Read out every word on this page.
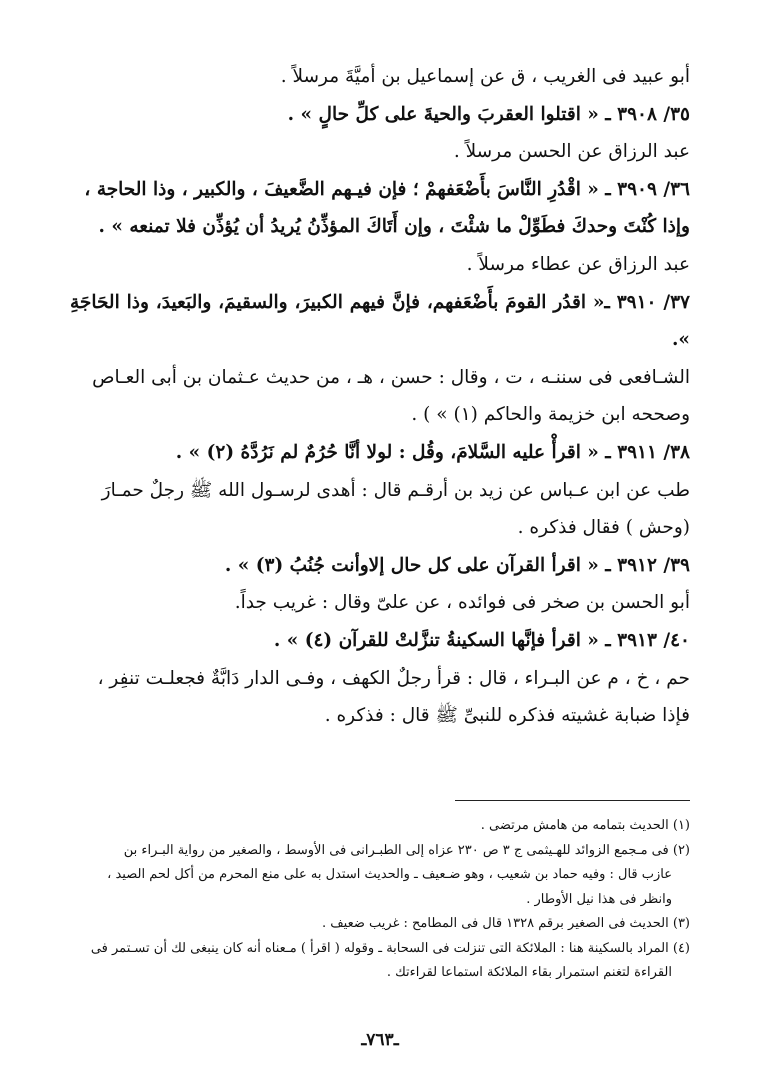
أبو عبيد فى الغريب ، ق عن إسماعيل بن أميَّةَ مرسلاً .

٣٥/ ٣٩٠٨ ـ « اقتلوا العقربَ والحيةَ على كلِّ حالٍ » .

عبد الرزاق عن الحسن مرسلاً .

٣٦/ ٣٩٠٩ ـ « اقْدُرِ النَّاسَ بأَضْعَفهمْ ؛ فإن فيـهم الضَّعيفَ ، والكبير ، وذا الحاجة ،

وإذا كُنْتَ وحدكَ فطَوِّلْ ما شئْتَ ، وإن أَتَاكَ المؤذِّنُ يُريدُ أن يُؤذِّن فلا تمنعه » .

عبد الرزاق عن عطاء مرسلاً .

٣٧/ ٣٩١٠ ـ« اقدُر القومَ بأَضْعَفهم، فإنَّ فيهم الكبيرَ، والسقيمَ، والبَعيدَ، وذا الحَاجَةِ ».

الشـافعى فى سننـه ، ت ، وقال : حسن ، هـ ، من حديث عـثمان بن أبى العـاص

وصححه ابن خزيمة والحاكم (١) » ) .

٣٨/ ٣٩١١ ـ « اقرأْ عليه السَّلامَ، وقُل : لولا أنَّا حُرُمٌ لم نَرُدَّهُ (٢) » .

طب عن ابن عـباس عن زيد بن أرقـم قال : أهدى لرسـول الله ﷺ رجلٌ حمـارَ

(وحش ) فقال فذكره .

٣٩/ ٣٩١٢ ـ « اقرأ القرآن على كل حال إلاوأنت جُنُبُ (٣) » .

أبو الحسن بن صخر فى فوائده ، عن علىّ وقال : غريب جداً.

٤٠/ ٣٩١٣ ـ « اقرأ فإنَّها السكينةُ تنزَّلتْ للقرآن (٤) » .

حم ، خ ، م عن البـراء ، قال : قرأ رجلٌ الكهف ، وفـى الدار دَابَّةٌ فجعلـت تنفِر ،

فإذا ضبابة غشيته فذكره للنبىِّ ﷺ قال : فذكره .

(١) الحديث بتمامه من هامش مرتضى .

(٢) فى مـجمع الزوائد للهـيثمى ج ٣ ص ٢٣٠ عزاه إلى الطبـرانى فى الأوسط ، والصغير من رواية البـراء بن

عازب قال : وفيه حماد بن شعيب ، وهو ضـعيف ـ والحديث استدل به على منع المحرم من أكل لحم الصيد ،

وانظر فى هذا نيل الأوطار .

(٣) الحديث فى الصغير برقم ١٣٢٨ قال فى المطامح : غريب ضعيف .

(٤) المراد بالسكينة هنا : الملائكة التى تنزلت فى السحابة ـ وقوله ( اقرأ ) مـعناه أنه كان ينبغى لك أن تسـتمر فى

القراءة لتغنم استمرار بقاء الملائكة استماعا لقراءتك .

ـ٧٦٣ـ
